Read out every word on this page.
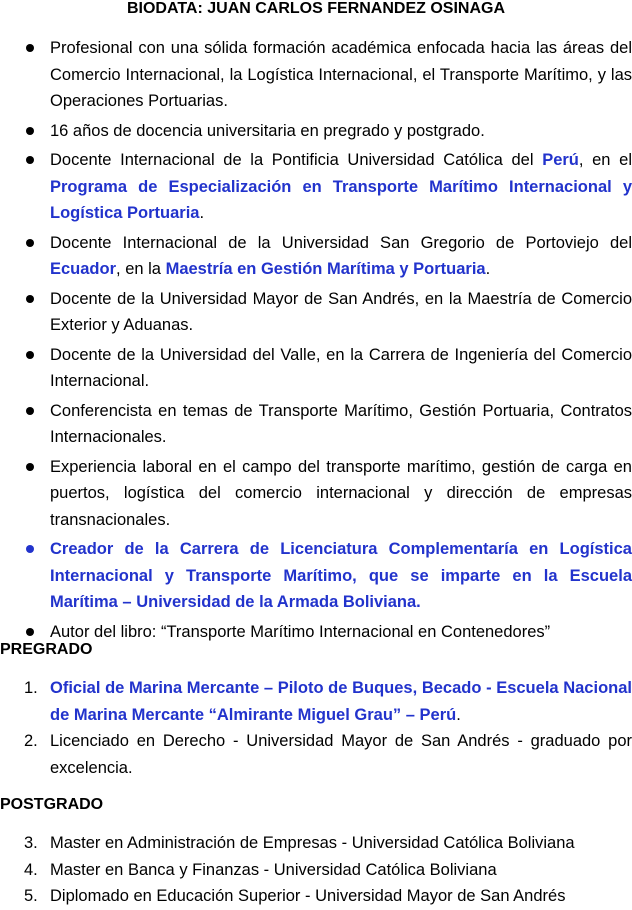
BIODATA: JUAN CARLOS FERNANDEZ OSINAGA
Profesional con una sólida formación académica enfocada hacia las áreas del Comercio Internacional, la Logística Internacional, el Transporte Marítimo, y las Operaciones Portuarias.
16 años de docencia universitaria en pregrado y postgrado.
Docente Internacional de la Pontificia Universidad Católica del Perú, en el Programa de Especialización en Transporte Marítimo Internacional y Logística Portuaria.
Docente Internacional de la Universidad San Gregorio de Portoviejo del Ecuador, en la Maestría en Gestión Marítima y Portuaria.
Docente de la Universidad Mayor de San Andrés, en la Maestría de Comercio Exterior y Aduanas.
Docente de la Universidad del Valle, en la Carrera de Ingeniería del Comercio Internacional.
Conferencista en temas de Transporte Marítimo, Gestión Portuaria, Contratos Internacionales.
Experiencia laboral en el campo del transporte marítimo, gestión de carga en puertos, logística del comercio internacional y dirección de empresas transnacionales.
Creador de la Carrera de Licenciatura Complementaría en Logística Internacional y Transporte Marítimo, que se imparte en la Escuela Marítima – Universidad de la Armada Boliviana.
Autor del libro: “Transporte Marítimo Internacional en Contenedores”
PREGRADO
1. Oficial de Marina Mercante – Piloto de Buques, Becado - Escuela Nacional de Marina Mercante “Almirante Miguel Grau” – Perú.
2. Licenciado en Derecho - Universidad Mayor de San Andrés - graduado por excelencia.
POSTGRADO
3. Master en Administración de Empresas - Universidad Católica Boliviana
4. Master en Banca y Finanzas - Universidad Católica Boliviana
5. Diplomado en Educación Superior - Universidad Mayor de San Andrés
